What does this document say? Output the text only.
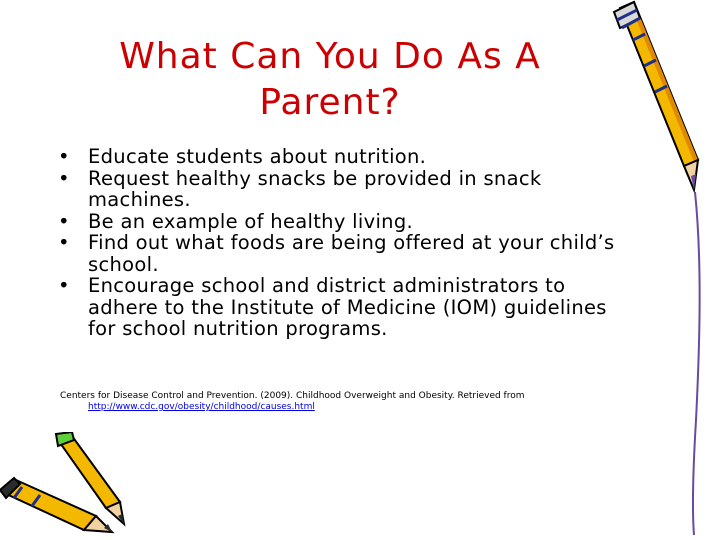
What Can You Do As A Parent?
• Educate students about nutrition.
• Request healthy snacks be provided in snack machines.
• Be an example of healthy living.
• Find out what foods are being offered at your child’s school.
• Encourage school and district administrators to adhere to the Institute of Medicine (IOM) guidelines for school nutrition programs.
Centers for Disease Control and Prevention. (2009). Childhood Overweight and Obesity. Retrieved from
http://www.cdc.gov/obesity/childhood/causes.html
